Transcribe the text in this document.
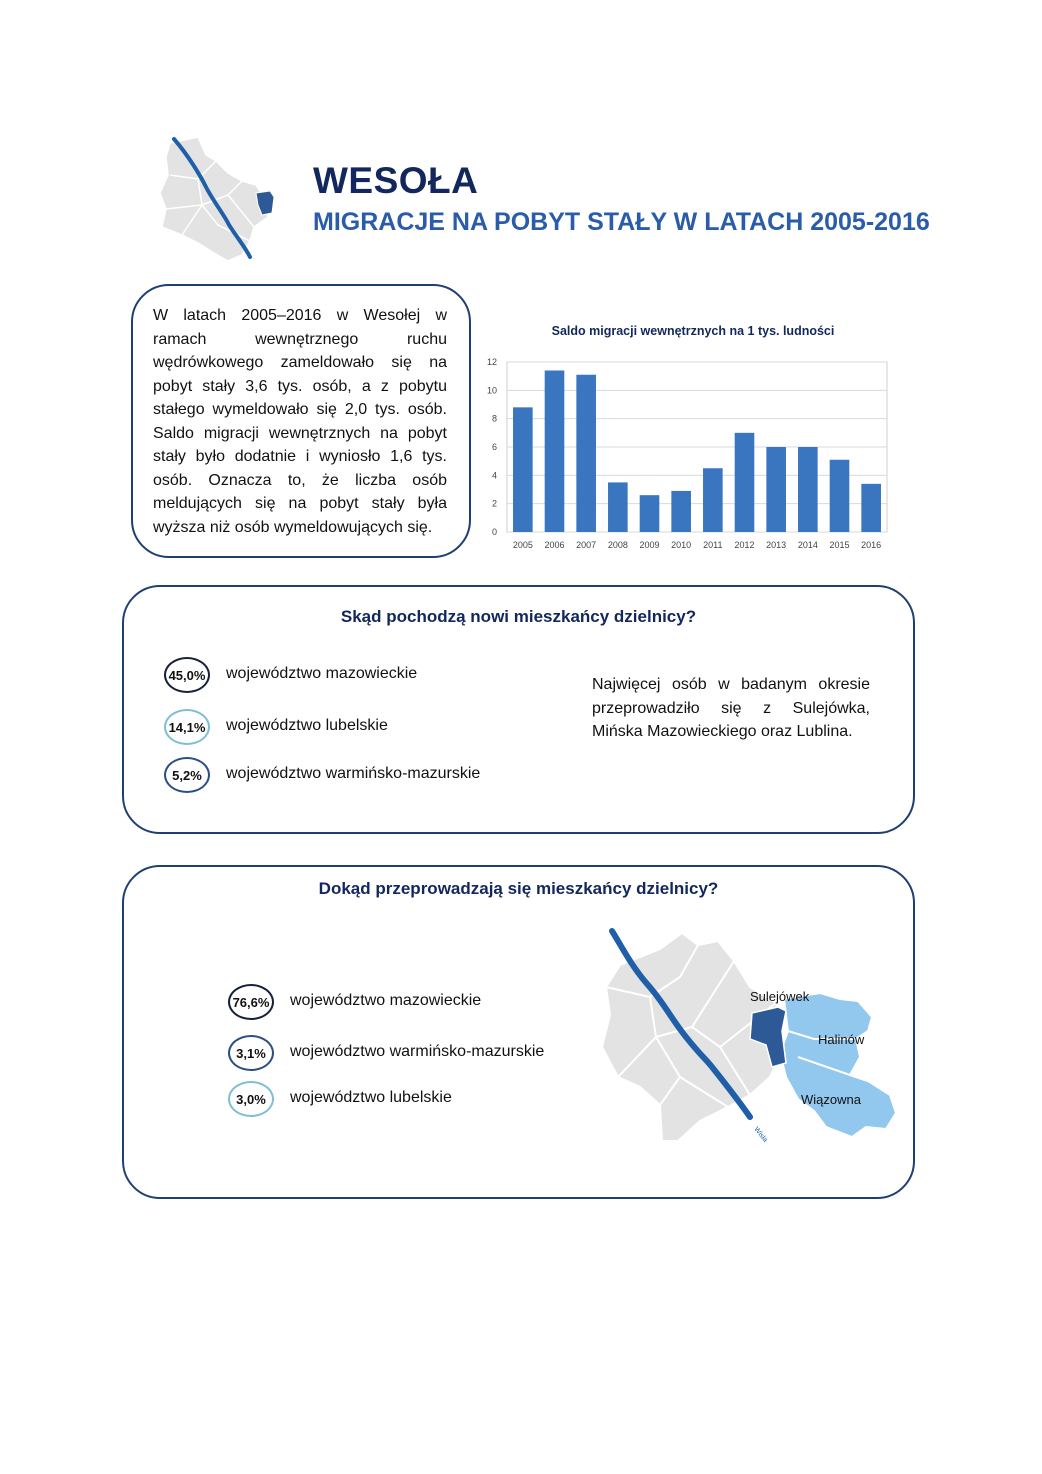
WESOŁA
MIGRACJE NA POBYT STAŁY W LATACH 2005-2016
W latach 2005–2016 w Wesołej w ramach wewnętrznego ruchu wędrówkowego zameldowało się na pobyt stały 3,6 tys. osób, a z pobytu stałego wymeldowało się 2,0 tys. osób. Saldo migracji wewnętrznych na pobyt stały było dodatnie i wyniosło 1,6 tys. osób. Oznacza to, że liczba osób meldujących się na pobyt stały była wyższa niż osób wymeldowujących się.
Saldo migracji wewnętrznych na 1 tys. ludności
0
2
4
6
8
10
12
2005 2006 2007 2008 2009 2010 2011 2012 2013 2014 2015 2016
Skąd pochodzą nowi mieszkańcy dzielnicy?
45,0% województwo mazowieckie
14,1% województwo lubelskie
5,2%	województwo warmińsko-mazurskie
Najwięcej osób w badanym okresie przeprowadziło się z Sulejówka, Mińska Mazowieckiego oraz Lublina.
Dokąd przeprowadzają się mieszkańcy dzielnicy?
76,6% województwo mazowieckie
3,1%	województwo warmińsko-mazurskie
3,0%	województwo lubelskie
Sulejówek
Halinów
Wiązowna
Wisła
